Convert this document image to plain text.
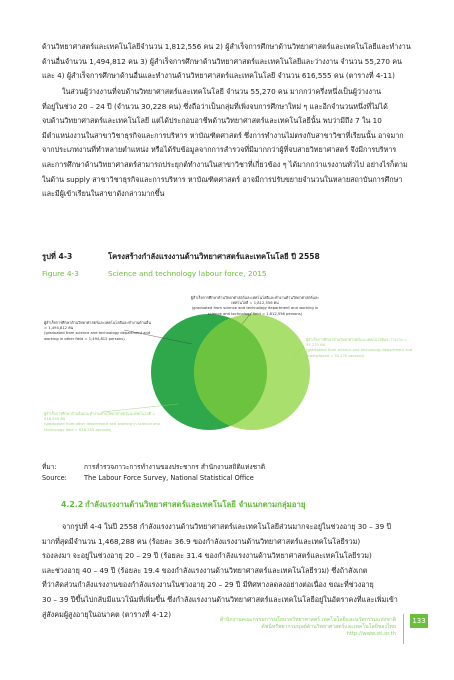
ด้านวิทยาศาสตร์และเทคโนโลยีจำนวน 1,812,556 คน 2) ผู้สำเร็จการศึกษาด้านวิทยาศาสตร์และเทคโนโลยีและทำงาน
ด้านอื่นจำนวน 1,494,812 คน 3) ผู้สำเร็จการศึกษาด้านวิทยาศาสตร์และเทคโนโลยีและว่างงาน จำนวน 55,270 คน
และ 4) ผู้สำเร็จการศึกษาด้านอื่นและทำงานด้านวิทยาศาสตร์และเทคโนโลยี จำนวน 616,555 คน (ตารางที่ 4-11)
ในส่วนผู้ว่างงานที่จบด้านวิทยาศาสตร์และเทคโนโลยี จำนวน 55,270 คน มากกว่าครึ่งหนึ่งเป็นผู้ว่างงาน
ที่อยู่ในช่วง 20 – 24 ปี (จำนวน 30,228 คน) ซึ่งถือว่าเป็นกลุ่มที่เพิ่งจบการศึกษาใหม่ ๆ และอีกจำนวนหนึ่งที่ไม่ได้
จบด้านวิทยาศาสตร์และเทคโนโลยี แต่ได้ประกอบอาชีพด้านวิทยาศาสตร์และเทคโนโลยีนั้น พบว่ามีถึง 7 ใน 10
มีตำแหน่งงานในสาขาวิชาธุรกิจและการบริหาร หาบัณฑิตศาสตร์ ซึ่งการทำงานไม่ตรงกับสาขาวิชาที่เรียนนั้น อาจมาก
จากประเภทงานที่ทำหลายตำแหน่ง หรือได้รับข้อมูลจากการสำรวจที่มีมากกว่าผู้ที่จบสายวิทยาศาสตร์ จึงมีการบริหาร
และการศึกษาด้านวิทยาศาสตร์สามารถประยุกต์ทำงานในสาขาวิชาที่เกี่ยวข้อง ๆ ได้มากกว่าแรงงานทั่วไป อย่างไรก็ตาม
ในด้าน supply สาขาวิชาธุรกิจและการบริหาร หาบัณฑิตศาสตร์ อาจมีการปรับขยายจำนวนในหลายสถาบันการศึกษา
และมีผู้เข้าเรียนในสาขาดังกล่าวมากขึ้น
รูปที่ 4-3	โครงสร้างกำลังแรงงานด้านวิทยาศาสตร์และเทคโนโลยี ปี 2558
Figure 4-3	Science and technology labour force, 2015
ผู้สำเร็จการศึกษาด้านวิทยาศาสตร์และเทคโนโลยีและทำงานด้านวิทยาศาสตร์และเทคโนโลยี = 1,812,556 คน
(graduated from science and technology department and working in science and technology field = 1,812,556 persons)
ผู้สำเร็จการศึกษาด้านวิทยาศาสตร์และเทคโนโลยีและทำงานด้านอื่น = 1,494,812 คน
(graduated from science and technology department and working in other field = 1,494,812 persons)	ผู้สำเร็จการศึกษาด้านวิทยาศาสตร์และเทคโนโลยีและว่างงาน = 55,270 คน
(graduated from science and technology department and unemployed = 55,270 persons)
ผู้สำเร็จการศึกษาด้านอื่นและทำงานด้านวิทยาศาสตร์และเทคโนโลยี = 616,555 คน
(graduated from other department and working in science and technology field = 616,555 persons)
ที่มา:	การสำรวจภาวะการทำงานของประชากร สำนักงานสถิติแห่งชาติ
Source:	The Labour Force Survey, National Statistical Office
4.2.2 กำลังแรงงานด้านวิทยาศาสตร์และเทคโนโลยี จำแนกตามกลุ่มอายุ
จากรูปที่ 4-4 ในปี 2558 กำลังแรงงานด้านวิทยาศาสตร์และเทคโนโลยีส่วนมากจะอยู่ในช่วงอายุ 30 – 39 ปี
มากที่สุดมีจำนวน 1,468,288 คน (ร้อยละ 36.9 ของกำลังแรงงานด้านวิทยาศาสตร์และเทคโนโลยีรวม)
รองลงมา จะอยู่ในช่วงอายุ 20 – 29 ปี (ร้อยละ 31.4 ของกำลังแรงงานด้านวิทยาศาสตร์และเทคโนโลยีรวม)
และช่วงอายุ 40 – 49 ปี (ร้อยละ 19.4 ของกำลังแรงงานด้านวิทยาศาสตร์และเทคโนโลยีรวม) ซึ่งถ้าสังเกต
ที่ว่าสัดส่วนกำลังแรงงานของกำลังแรงงานในช่วงอายุ 20 – 29 ปี มีทิศทางลดลงอย่างต่อเนื่อง ขณะที่ช่วงอายุ
30 – 39 ปีขึ้นไปกลับมีแนวโน้มที่เพิ่มขึ้น ซึ่งกำลังแรงงานด้านวิทยาศาสตร์และเทคโนโลยีอยู่ในอัตราคงที่และเพิ่มเข้า
สู่สังคมผู้สูงอายุในอนาคต (ตารางที่ 4-12)
สำนักงานคณะกรรมการนโยบายวิทยาศาสตร์ เทคโนโลยีและนวัตกรรมแห่งชาติ
ดัชนีทรัพยากรมนุษย์ด้านวิทยาศาสตร์และเทคโนโลยีของไทย
http://www.sti.or.th
133
